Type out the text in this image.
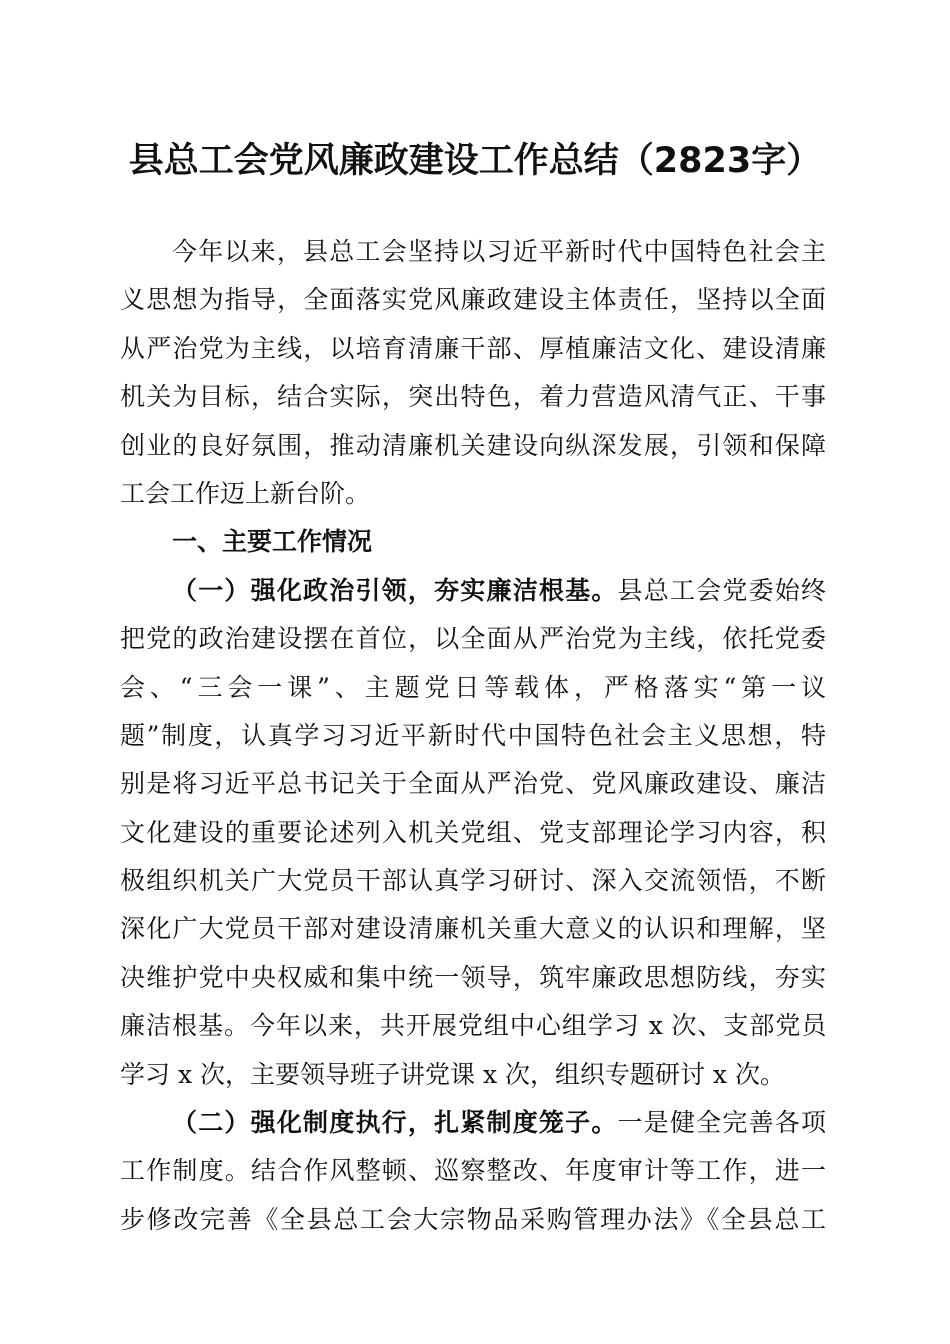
县总工会党风廉政建设工作总结（2823字）
今年以来，县总工会坚持以习近平新时代中国特色社会主
义思想为指导，全面落实党风廉政建设主体责任，坚持以全面
从严治党为主线，以培育清廉干部、厚植廉洁文化、建设清廉
机关为目标，结合实际，突出特色，着力营造风清气正、干事
创业的良好氛围，推动清廉机关建设向纵深发展，引领和保障
工会工作迈上新台阶。
一、主要工作情况
（一）强化政治引领，夯实廉洁根基。县总工会党委始终
把党的政治建设摆在首位，以全面从严治党为主线，依托党委
会、“三会一课”、主题党日等载体，严格落实“第一议
题”制度，认真学习习近平新时代中国特色社会主义思想，特
别是将习近平总书记关于全面从严治党、党风廉政建设、廉洁
文化建设的重要论述列入机关党组、党支部理论学习内容，积
极组织机关广大党员干部认真学习研讨、深入交流领悟，不断
深化广大党员干部对建设清廉机关重大意义的认识和理解，坚
决维护党中央权威和集中统一领导，筑牢廉政思想防线，夯实
廉洁根基。今年以来，共开展党组中心组学习 x 次、支部党员
学习 x 次，主要领导班子讲党课 x 次，组织专题研讨 x 次。
（二）强化制度执行，扎紧制度笼子。一是健全完善各项
工作制度。结合作风整顿、巡察整改、年度审计等工作，进一
步修改完善《全县总工会大宗物品采购管理办法》《全县总工
